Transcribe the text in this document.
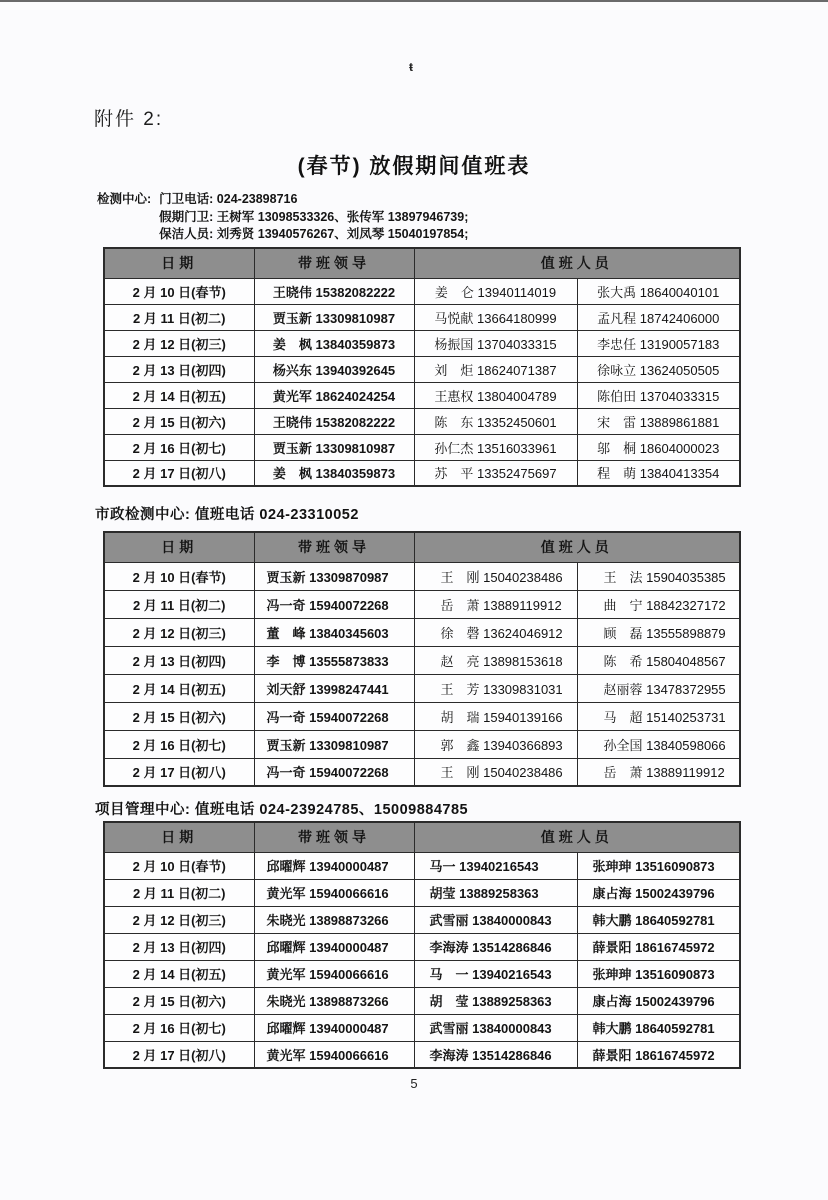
ŧ
附件 2:
(春节) 放假期间值班表
检测中心: 门卫电话: 024-23898716
假期门卫: 王树军 13098533326、张传军 13897946739;
保洁人员: 刘秀贤 13940576267、刘凤琴 15040197854;
日期	带班领导	值班人员	
2 月 10 日(春节)	王晓伟 15382082222	姜　仑 13940114019	张大禹 18640040101
2 月 11 日(初二)	贾玉新 13309810987	马悦献 13664180999	孟凡程 18742406000
2 月 12 日(初三)	姜　枫 13840359873	杨振国 13704033315	李忠任 13190057183
2 月 13 日(初四)	杨兴东 13940392645	刘　炬 18624071387	徐咏立 13624050505
2 月 14 日(初五)	黄光军 18624024254	王惠权 13804004789	陈伯田 13704033315
2 月 15 日(初六)	王晓伟 15382082222	陈　东 13352450601	宋　雷 13889861881
2 月 16 日(初七)	贾玉新 13309810987	孙仁杰 13516033961	邬　桐 18604000023
2 月 17 日(初八)	姜　枫 13840359873	苏　平 13352475697	程　萌 13840413354
市政检测中心: 值班电话 024-23310052
日期	带班领导	值班人员	
2 月 10 日(春节)	贾玉新 13309870987	王　刚 15040238486	王　法 15904035385
2 月 11 日(初二)	冯一奇 15940072268	岳　萧 13889119912	曲　宁 18842327172
2 月 12 日(初三)	董　峰 13840345603	徐　磬 13624046912	顾　磊 13555898879
2 月 13 日(初四)	李　博 13555873833	赵　亮 13898153618	陈　希 15804048567
2 月 14 日(初五)	刘天舒 13998247441	王　芳 13309831031	赵丽蓉 13478372955
2 月 15 日(初六)	冯一奇 15940072268	胡　瑞 15940139166	马　超 15140253731
2 月 16 日(初七)	贾玉新 13309810987	郭　鑫 13940366893	孙全国 13840598066
2 月 17 日(初八)	冯一奇 15940072268	王　刚 15040238486	岳　萧 13889119912
项目管理中心: 值班电话 024-23924785、15009884785
日期	带班领导	值班人员	
2 月 10 日(春节)	邱曜辉 13940000487	马一 13940216543	张珅珅 13516090873
2 月 11 日(初二)	黄光军 15940066616	胡莹 13889258363	康占海 15002439796
2 月 12 日(初三)	朱晓光 13898873266	武雪丽 13840000843	韩大鹏 18640592781
2 月 13 日(初四)	邱曜辉 13940000487	李海涛 13514286846	薛景阳 18616745972
2 月 14 日(初五)	黄光军 15940066616	马　一 13940216543	张珅珅 13516090873
2 月 15 日(初六)	朱晓光 13898873266	胡　莹 13889258363	康占海 15002439796
2 月 16 日(初七)	邱曜辉 13940000487	武雪丽 13840000843	韩大鹏 18640592781
2 月 17 日(初八)	黄光军 15940066616	李海涛 13514286846	薛景阳 18616745972
5
